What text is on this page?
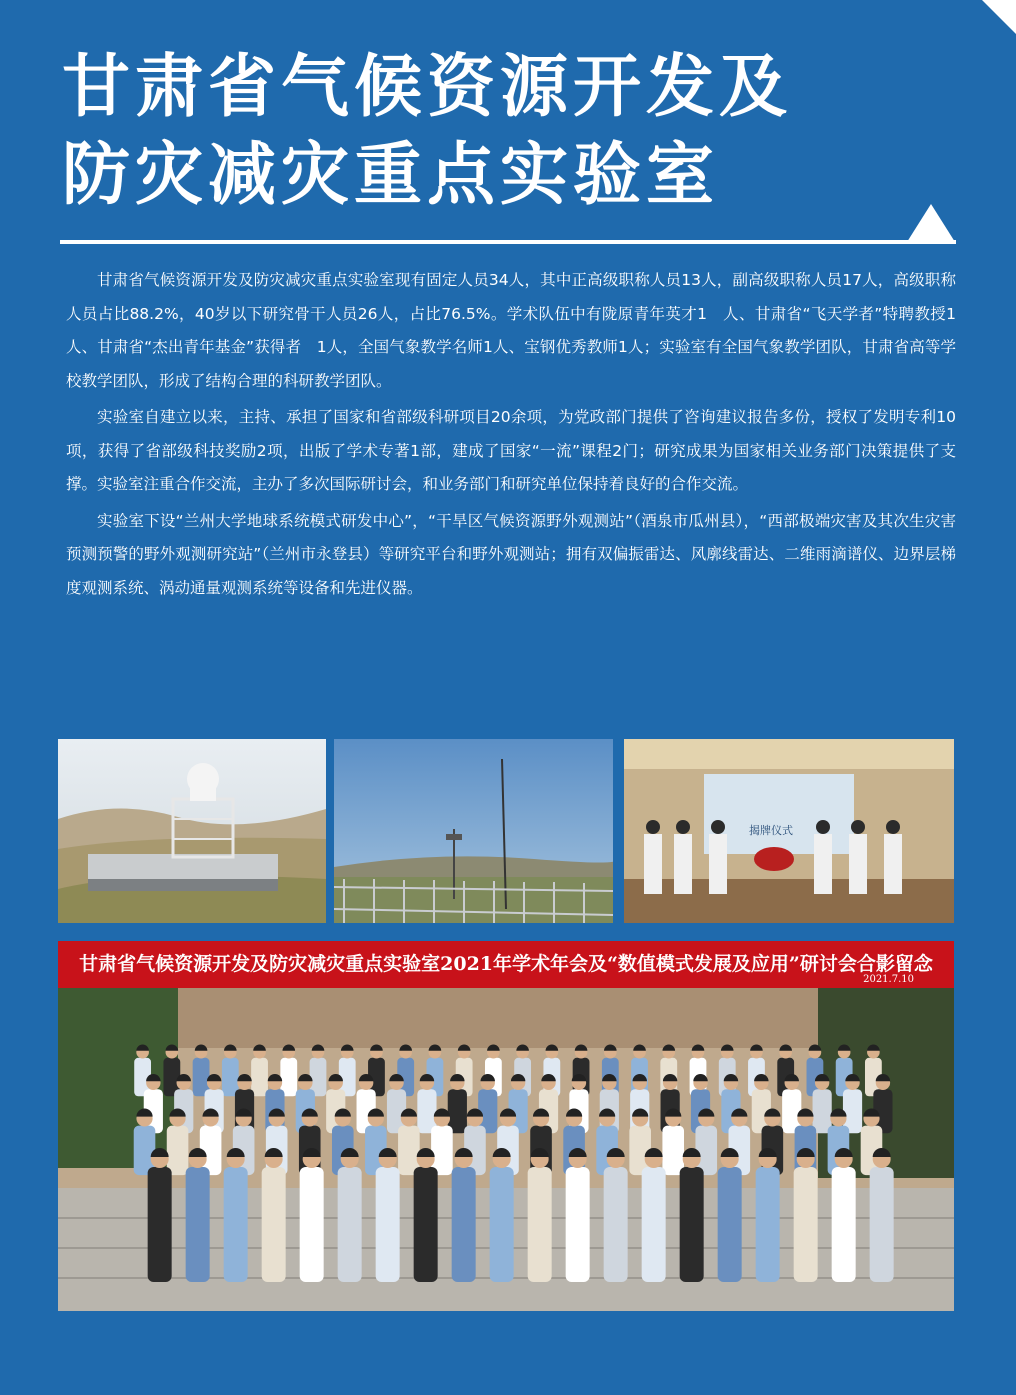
甘肃省气候资源开发及
防灾减灾重点实验室

甘肃省气候资源开发及防灾减灾重点实验室现有固定人员34人，其中正高级职称人员13人，副高级职称人员17人，高级职称人员占比88.2%，40岁以下研究骨干人员26人，占比76.5%。学术队伍中有陇原青年英才1　人、甘肃省“飞天学者”特聘教授1人、甘肃省“杰出青年基金”获得者　1人，全国气象教学名师1人、宝钢优秀教师1人；实验室有全国气象教学团队，甘肃省高等学校教学团队，形成了结构合理的科研教学团队。

实验室自建立以来，主持、承担了国家和省部级科研项目20余项，为党政部门提供了咨询建议报告多份，授权了发明专利10项，获得了省部级科技奖励2项，出版了学术专著1部，建成了国家“一流”课程2门；研究成果为国家相关业务部门决策提供了支撑。实验室注重合作交流，主办了多次国际研讨会，和业务部门和研究单位保持着良好的合作交流。

实验室下设“兰州大学地球系统模式研发中心”，“干旱区气候资源野外观测站”（酒泉市瓜州县），“西部极端灾害及其次生灾害预测预警的野外观测研究站”（兰州市永登县）等研究平台和野外观测站；拥有双偏振雷达、风廓线雷达、二维雨滴谱仪、边界层梯度观测系统、涡动通量观测系统等设备和先进仪器。

揭牌仪式
甘肃省气候资源开发及防灾减灾重点实验室2021年学术年会及“数值模式发展及应用”研讨会合影留念
2021.7.10
